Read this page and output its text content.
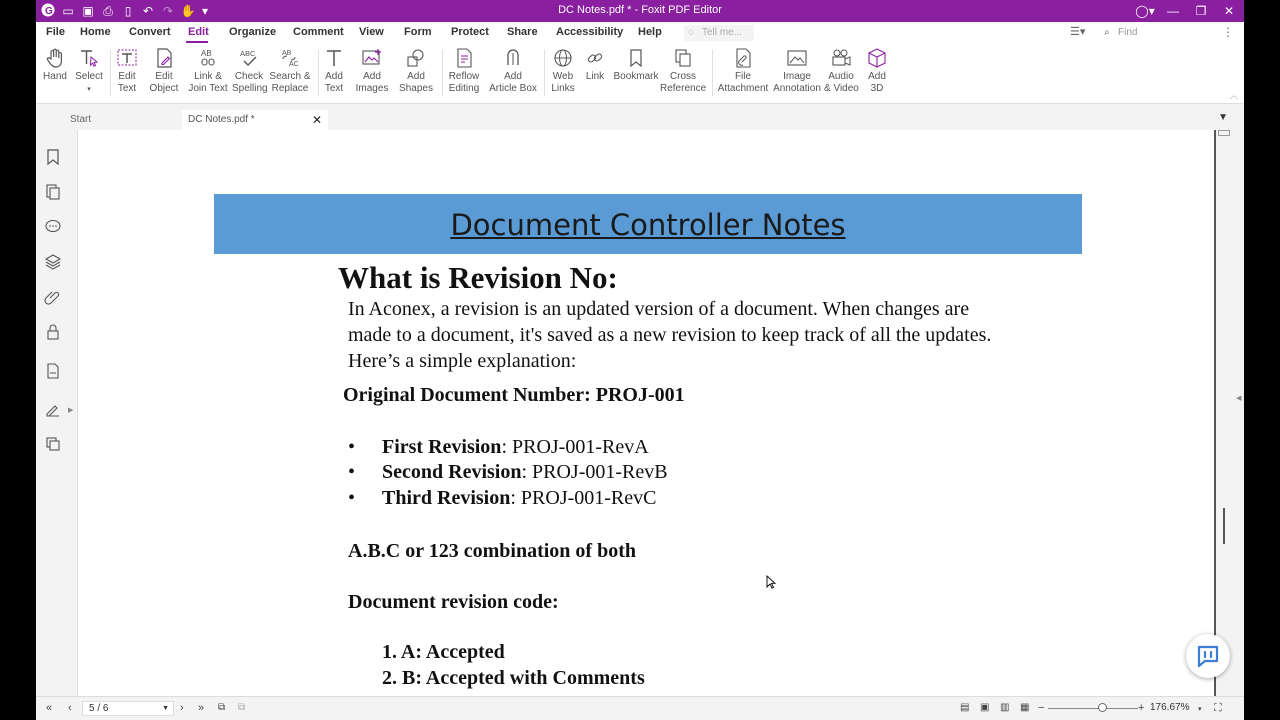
G ▭ ▣ ⎙ ▯ ↶ ↷ ✋ ▾	DC Notes.pdf * - Foxit PDF Editor	◯▾	—	❐	✕
File Home Convert Edit Organize Comment View Form Protect Share Accessibility Help	◌ Tell me...	☰▾ ⌕ Find	⋮
Hand Select
▾
Edit
Text
Edit
Object
AB
Link &
Join Text
ABC
Check
Spelling
AB
AC
Search &
Replace
Add
Text
Add
Images
Add
Shapes
Reflow
Editing
Add
Article Box
Web
Links
Link Bookmark	Cross
Reference
File
Attachment
Image
Annotation
Audio
& Video
Add
3D
︿
Start	DC Notes.pdf *	✕	▼
▶
Document Controller Notes
What is Revision No:
In Aconex, a revision is an updated version of a document. When changes are
made to a document, it's saved as a new revision to keep track of all the updates.
Here’s a simple explanation:
Original Document Number: PROJ-001
• First Revision: PROJ-001-RevA
• Second Revision: PROJ-001-RevB
• Third Revision: PROJ-001-RevC
A.B.C or 123 combination of both
Document revision code:
1. A: Accepted
2. B: Accepted with Comments
◀
« ‹	5 / 6	▼ › » ⧉ ⧉	▤ ▣ ▥ ▦ −	+ 176.67% ▾ ⛶
